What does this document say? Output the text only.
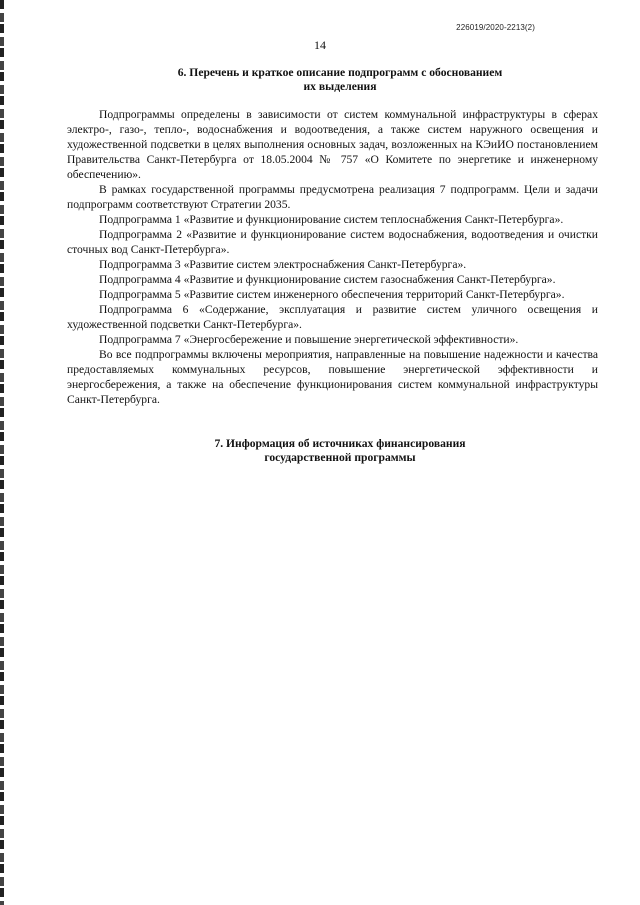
226019/2020-2213(2)
14
6. Перечень и краткое описание подпрограмм с обоснованием
их выделения

Подпрограммы определены в зависимости от систем коммунальной инфраструктуры в сферах электро-, газо-, тепло-, водоснабжения и водоотведения, а также систем наружного освещения и художественной подсветки в целях выполнения основных задач, возложенных на КЭиИО постановлением Правительства Санкт-Петербурга от 18.05.2004 № 757 «О Комитете по энергетике и инженерному обеспечению».

В рамках государственной программы предусмотрена реализация 7 подпрограмм. Цели и задачи подпрограмм соответствуют Стратегии 2035.

Подпрограмма 1 «Развитие и функционирование систем теплоснабжения Санкт-Петербурга».

Подпрограмма 2 «Развитие и функционирование систем водоснабжения, водоотведения и очистки сточных вод Санкт-Петербурга».

Подпрограмма 3 «Развитие систем электроснабжения Санкт-Петербурга».

Подпрограмма 4 «Развитие и функционирование систем газоснабжения Санкт-Петербурга».

Подпрограмма 5 «Развитие систем инженерного обеспечения территорий Санкт-Петербурга».

Подпрограмма 6 «Содержание, эксплуатация и развитие систем уличного освещения и художественной подсветки Санкт-Петербурга».

Подпрограмма 7 «Энергосбережение и повышение энергетической эффективности».

Во все подпрограммы включены мероприятия, направленные на повышение надежности и качества предоставляемых коммунальных ресурсов, повышение энергетической эффективности и энергосбережения, а также на обеспечение функционирования систем коммунальной инфраструктуры Санкт-Петербурга.

7. Информация об источниках финансирования
государственной программы
